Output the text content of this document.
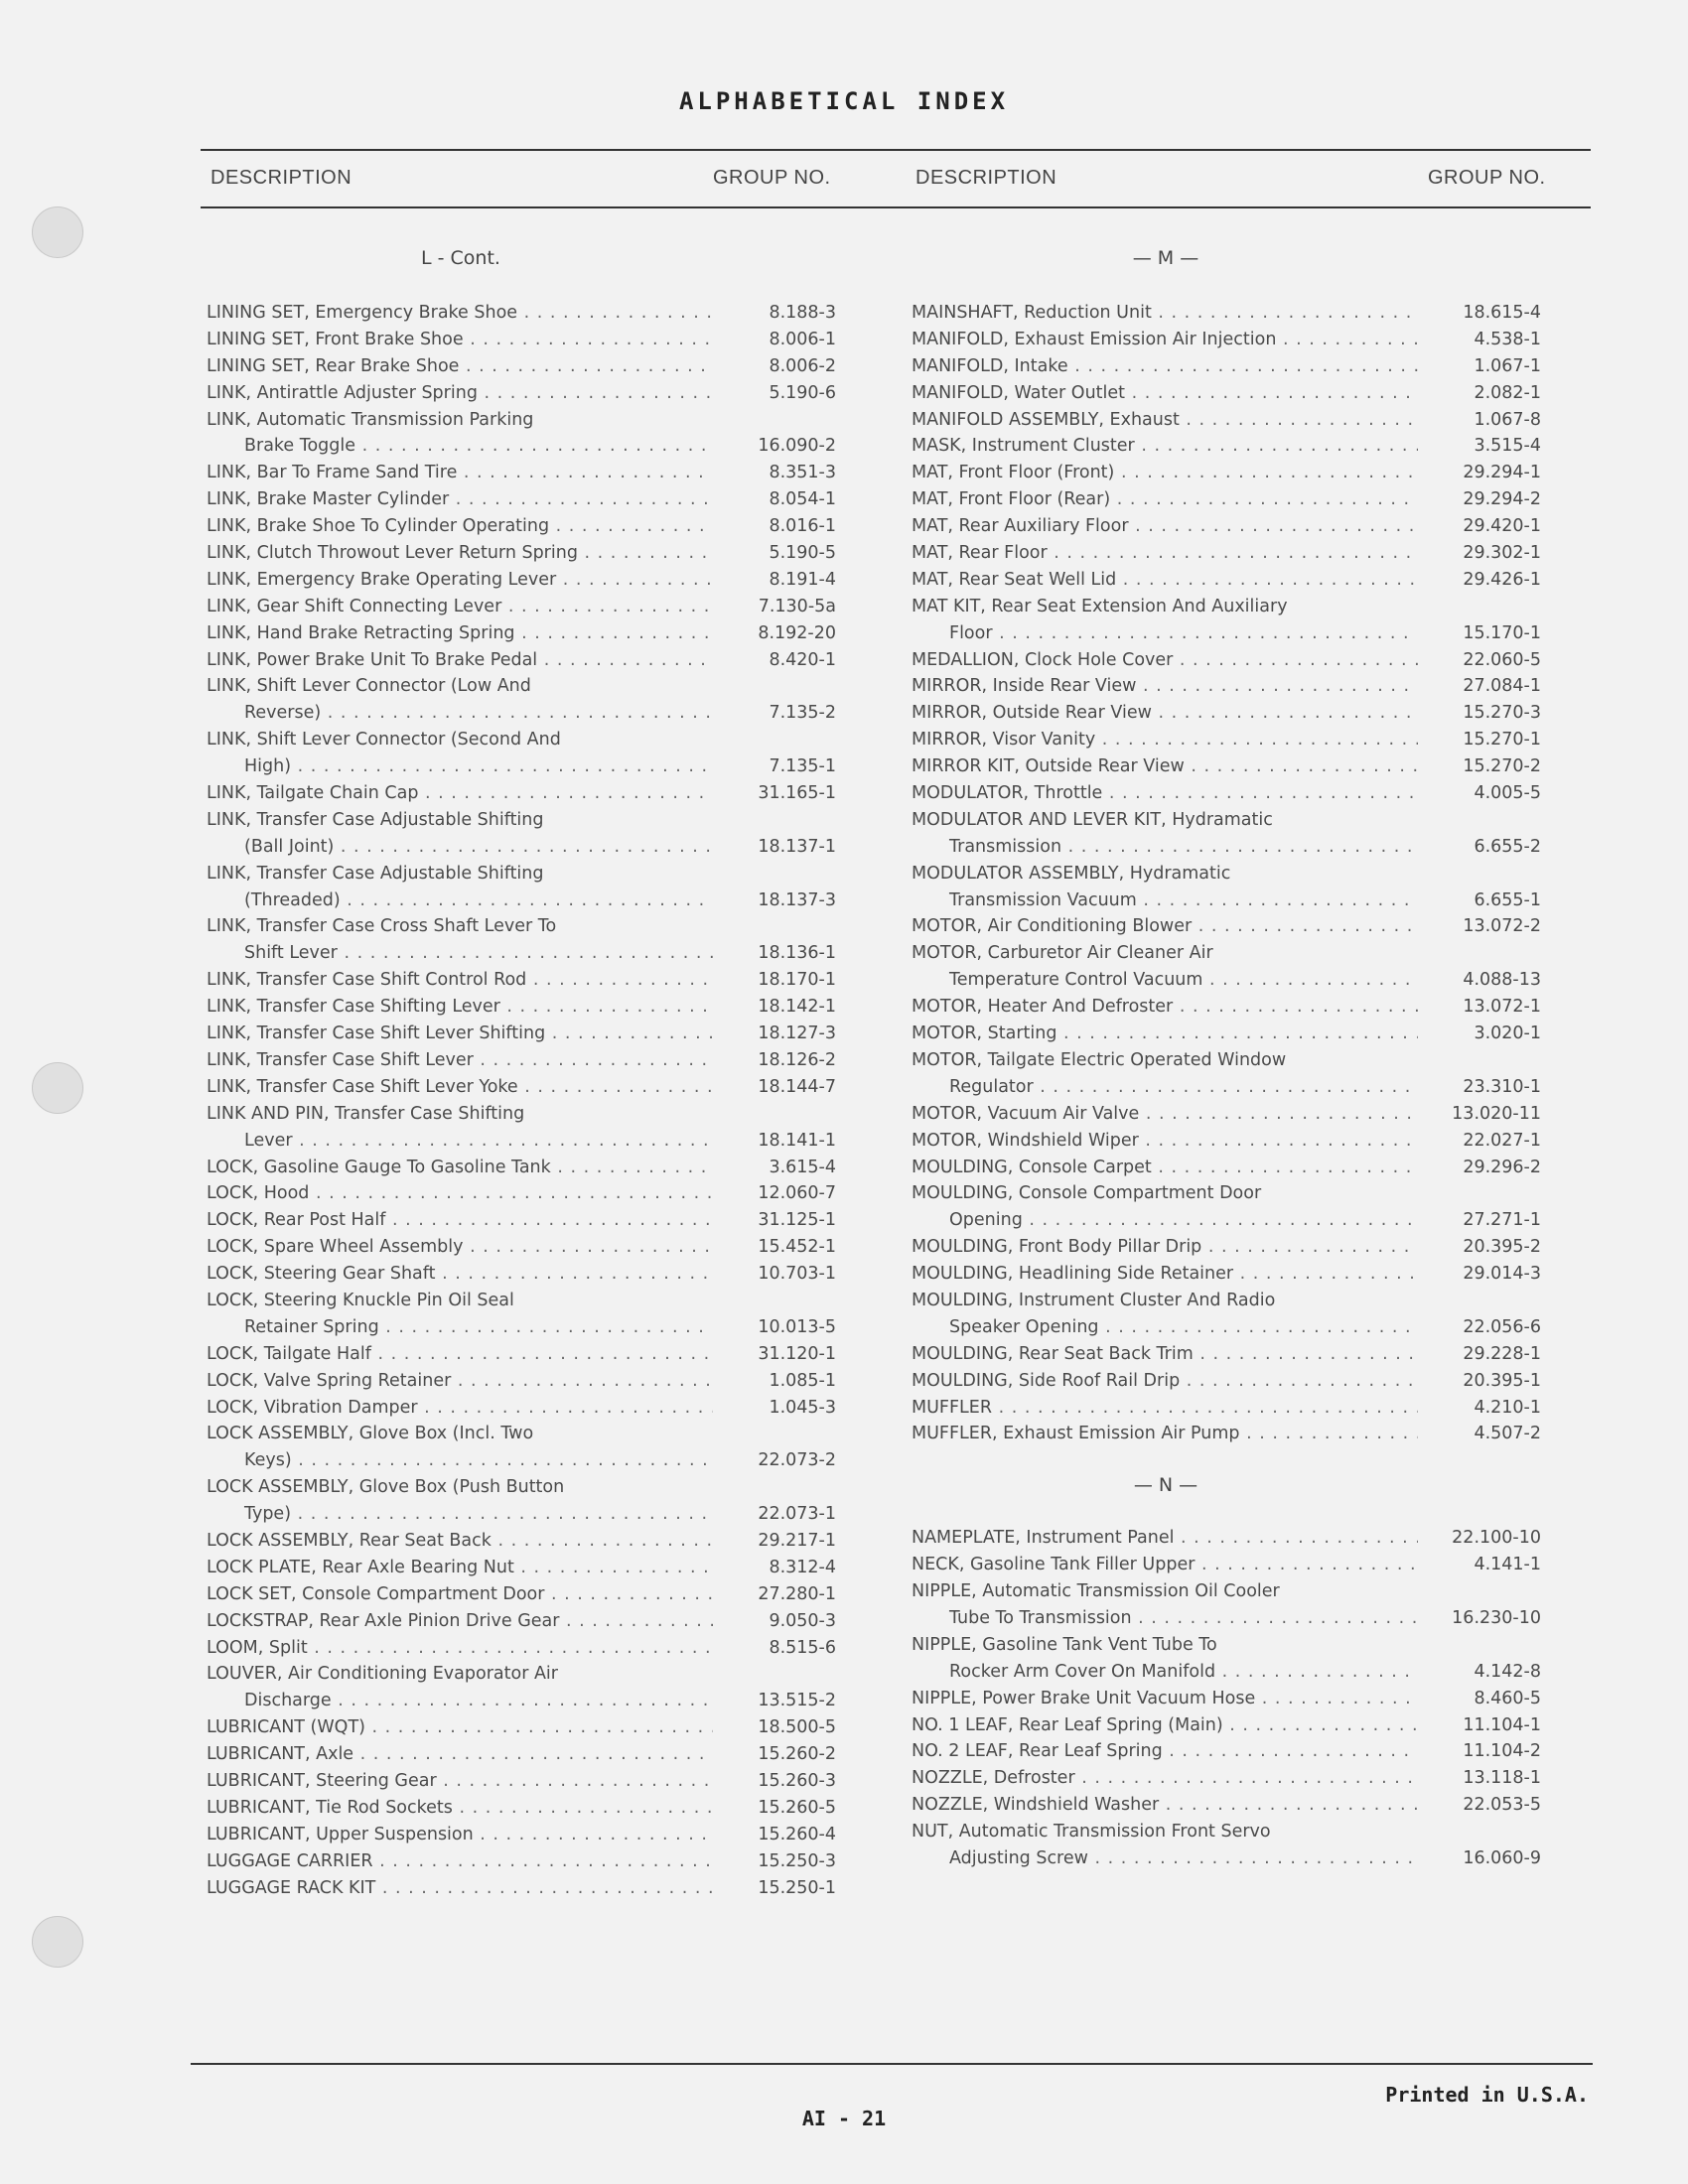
ALPHABETICAL INDEX
DESCRIPTION	GROUP NO.	DESCRIPTION	GROUP NO.
L - Cont.
LINING SET, Emergency Brake Shoe . . .	8.188-3
LINING SET, Front Brake Shoe . . .	8.006-1
LINING SET, Rear Brake Shoe . . .	8.006-2
LINK, Antirattle Adjuster Spring . . .	5.190-6
LINK, Automatic Transmission Parking
Brake Toggle . . .	16.090-2
LINK, Bar To Frame Sand Tire . . .	8.351-3
LINK, Brake Master Cylinder . . .	8.054-1
LINK, Brake Shoe To Cylinder Operating . . .	8.016-1
LINK, Clutch Throwout Lever Return Spring . . .	5.190-5
LINK, Emergency Brake Operating Lever . . .	8.191-4
LINK, Gear Shift Connecting Lever . . .	7.130-5a
LINK, Hand Brake Retracting Spring . . .	8.192-20
LINK, Power Brake Unit To Brake Pedal . . .	8.420-1
LINK, Shift Lever Connector (Low And
Reverse) . . .	7.135-2
LINK, Shift Lever Connector (Second And
High) . . .	7.135-1
LINK, Tailgate Chain Cap . . .	31.165-1
LINK, Transfer Case Adjustable Shifting
(Ball Joint) . . .	18.137-1
LINK, Transfer Case Adjustable Shifting
(Threaded) . . .	18.137-3
LINK, Transfer Case Cross Shaft Lever To
Shift Lever . . .	18.136-1
LINK, Transfer Case Shift Control Rod . . .	18.170-1
LINK, Transfer Case Shifting Lever . . .	18.142-1
LINK, Transfer Case Shift Lever Shifting . . .	18.127-3
LINK, Transfer Case Shift Lever . . .	18.126-2
LINK, Transfer Case Shift Lever Yoke . . .	18.144-7
LINK AND PIN, Transfer Case Shifting
Lever . . .	18.141-1
LOCK, Gasoline Gauge To Gasoline Tank . . .	3.615-4
LOCK, Hood . . .	12.060-7
LOCK, Rear Post Half . . .	31.125-1
LOCK, Spare Wheel Assembly . . .	15.452-1
LOCK, Steering Gear Shaft . . .	10.703-1
LOCK, Steering Knuckle Pin Oil Seal
Retainer Spring . . .	10.013-5
LOCK, Tailgate Half . . .	31.120-1
LOCK, Valve Spring Retainer . . .	1.085-1
LOCK, Vibration Damper . . .	1.045-3
LOCK ASSEMBLY, Glove Box (Incl. Two
Keys) . . .	22.073-2
LOCK ASSEMBLY, Glove Box (Push Button
Type) . . .	22.073-1
LOCK ASSEMBLY, Rear Seat Back . . .	29.217-1
LOCK PLATE, Rear Axle Bearing Nut . . .	8.312-4
LOCK SET, Console Compartment Door . . .	27.280-1
LOCKSTRAP, Rear Axle Pinion Drive Gear . . .	9.050-3
LOOM, Split . . .	8.515-6
LOUVER, Air Conditioning Evaporator Air
Discharge . . .	13.515-2
LUBRICANT (WQT) . . .	18.500-5
LUBRICANT, Axle . . .	15.260-2
LUBRICANT, Steering Gear . . .	15.260-3
LUBRICANT, Tie Rod Sockets . . .	15.260-5
LUBRICANT, Upper Suspension . . .	15.260-4
LUGGAGE CARRIER . . .	15.250-3
LUGGAGE RACK KIT . . .	15.250-1
— M —
MAINSHAFT, Reduction Unit . . .	18.615-4
MANIFOLD, Exhaust Emission Air Injection . . .	4.538-1
MANIFOLD, Intake . . .	1.067-1
MANIFOLD, Water Outlet . . .	2.082-1
MANIFOLD ASSEMBLY, Exhaust . . .	1.067-8
MASK, Instrument Cluster . . .	3.515-4
MAT, Front Floor (Front) . . .	29.294-1
MAT, Front Floor (Rear) . . .	29.294-2
MAT, Rear Auxiliary Floor . . .	29.420-1
MAT, Rear Floor . . .	29.302-1
MAT, Rear Seat Well Lid . . .	29.426-1
MAT KIT, Rear Seat Extension And Auxiliary
Floor . . .	15.170-1
MEDALLION, Clock Hole Cover . . .	22.060-5
MIRROR, Inside Rear View . . .	27.084-1
MIRROR, Outside Rear View . . .	15.270-3
MIRROR, Visor Vanity . . .	15.270-1
MIRROR KIT, Outside Rear View . . .	15.270-2
MODULATOR, Throttle . . .	4.005-5
MODULATOR AND LEVER KIT, Hydramatic
Transmission . . .	6.655-2
MODULATOR ASSEMBLY, Hydramatic
Transmission Vacuum . . .	6.655-1
MOTOR, Air Conditioning Blower . . .	13.072-2
MOTOR, Carburetor Air Cleaner Air
Temperature Control Vacuum . . .	4.088-13
MOTOR, Heater And Defroster . . .	13.072-1
MOTOR, Starting . . .	3.020-1
MOTOR, Tailgate Electric Operated Window
Regulator . . .	23.310-1
MOTOR, Vacuum Air Valve . . .	13.020-11
MOTOR, Windshield Wiper . . .	22.027-1
MOULDING, Console Carpet . . .	29.296-2
MOULDING, Console Compartment Door
Opening . . .	27.271-1
MOULDING, Front Body Pillar Drip . . .	20.395-2
MOULDING, Headlining Side Retainer . . .	29.014-3
MOULDING, Instrument Cluster And Radio
Speaker Opening . . .	22.056-6
MOULDING, Rear Seat Back Trim . . .	29.228-1
MOULDING, Side Roof Rail Drip . . .	20.395-1
MUFFLER . . .	4.210-1
MUFFLER, Exhaust Emission Air Pump . . .	4.507-2
— N —
NAMEPLATE, Instrument Panel . . .	22.100-10
NECK, Gasoline Tank Filler Upper . . .	4.141-1
NIPPLE, Automatic Transmission Oil Cooler
Tube To Transmission . . .	16.230-10
NIPPLE, Gasoline Tank Vent Tube To
Rocker Arm Cover On Manifold . . .	4.142-8
NIPPLE, Power Brake Unit Vacuum Hose . . .	8.460-5
NO. 1 LEAF, Rear Leaf Spring (Main) . . .	11.104-1
NO. 2 LEAF, Rear Leaf Spring . . .	11.104-2
NOZZLE, Defroster . . .	13.118-1
NOZZLE, Windshield Washer . . .	22.053-5
NUT, Automatic Transmission Front Servo
Adjusting Screw . . .	16.060-9
Printed in U.S.A.
AI - 21
